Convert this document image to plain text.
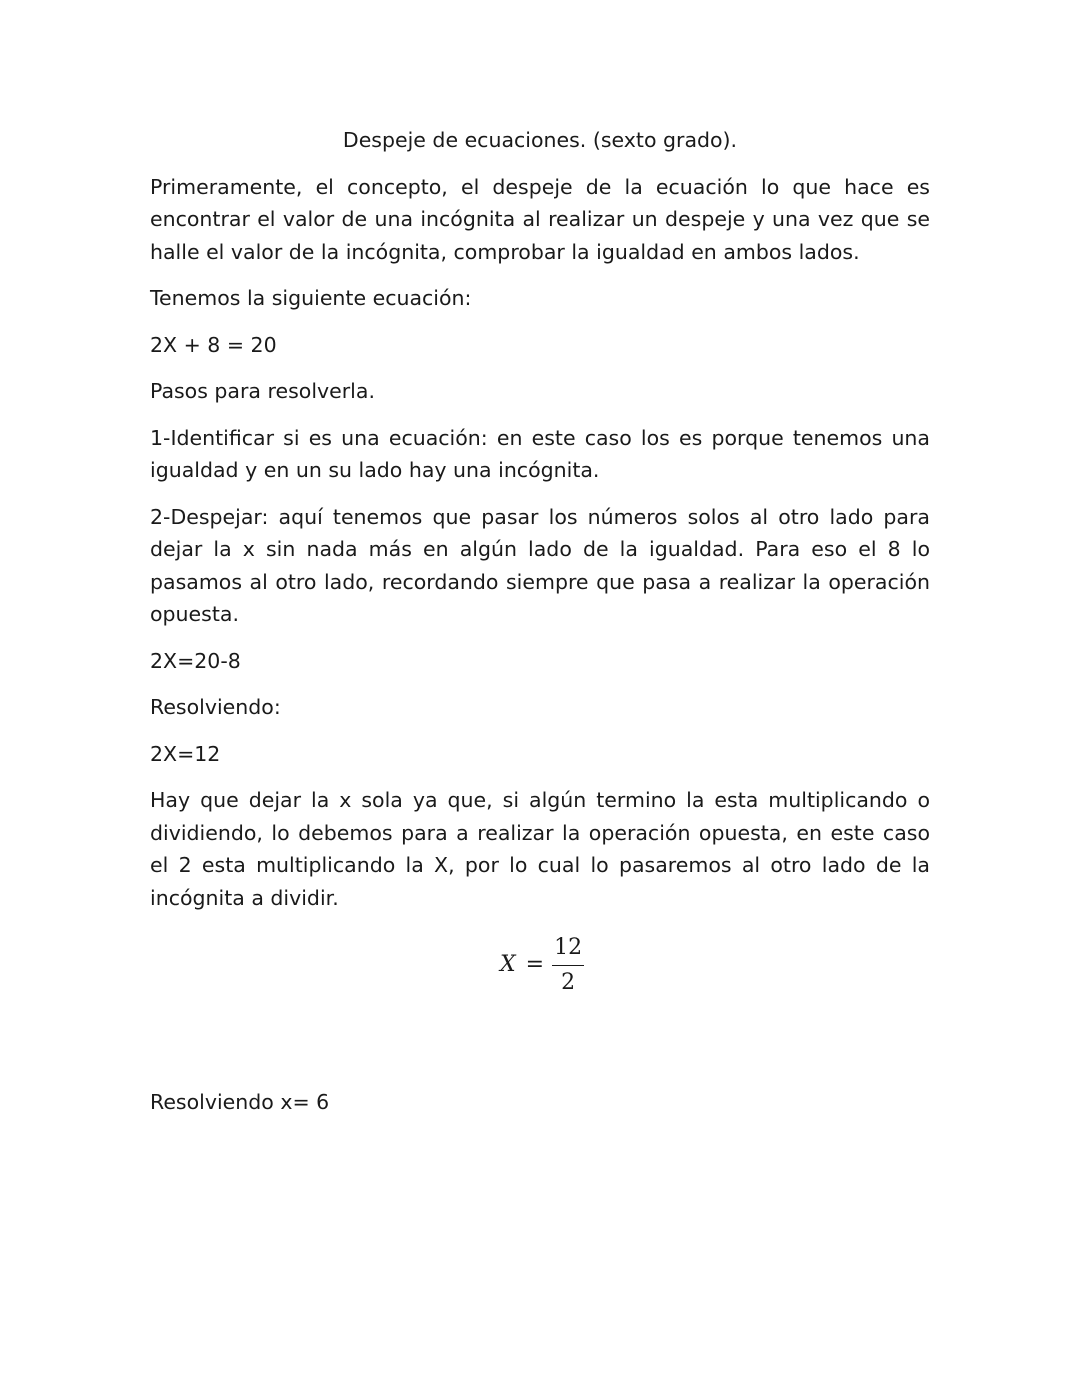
Despeje de ecuaciones. (sexto grado).

Primeramente, el concepto, el despeje de la ecuación lo que hace es encontrar el valor de una incógnita al realizar un despeje y una vez que se halle el valor de la incógnita, comprobar la igualdad en ambos lados.

Tenemos la siguiente ecuación:

2X + 8 = 20

Pasos para resolverla.

1-Identificar si es una ecuación: en este caso los es porque tenemos una igualdad y en un su lado hay una incógnita.

2-Despejar: aquí tenemos que pasar los números solos al otro lado para dejar la x sin nada más en algún lado de la igualdad. Para eso el 8 lo pasamos al otro lado, recordando siempre que pasa a realizar la operación opuesta.

2X=20-8

Resolviendo:

2X=12

Hay que dejar la x sola ya que, si algún termino la esta multiplicando o dividiendo, lo debemos para a realizar la operación opuesta, en este caso el 2 esta multiplicando la X, por lo cual lo pasaremos al otro lado de la incógnita a dividir.

$X = \frac{12}{2}$

Resolviendo x= 6
